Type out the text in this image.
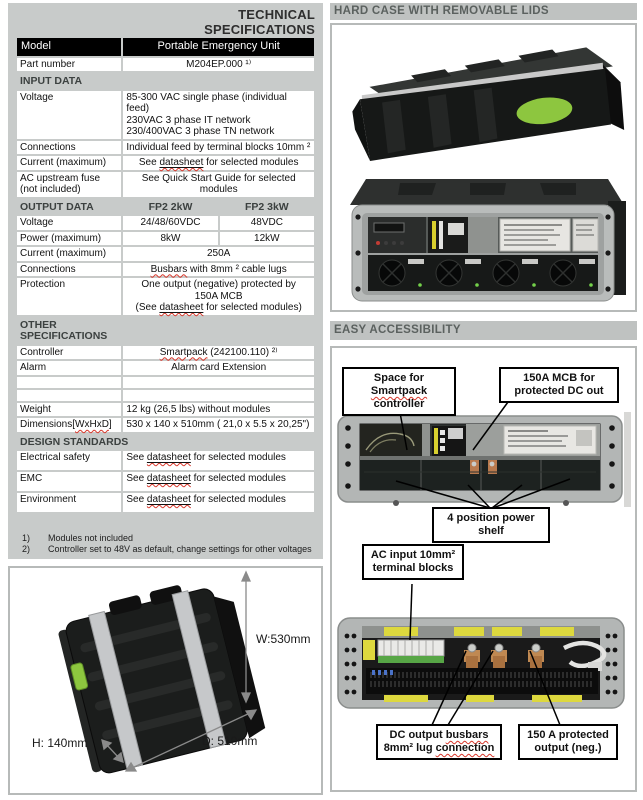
TECHNICAL
SPECIFICATIONS
Model	Portable Emergency Unit	

Part number	M204EP.000 ¹⁾	

INPUT DATA		

Voltage	85-300 VAC single phase (individual feed)
230VAC 3 phase IT network
230/400VAC 3 phase TN network	

Connections	Individual feed by terminal blocks 10mm ²	

Current (maximum)	See datasheet for selected modules	

AC upstream fuse
(not included)	See Quick Start Guide for selected
modules	

OUTPUT DATA	FP2 2kW	FP2 3kW

Voltage	24/48/60VDC	48VDC

Power (maximum)	8kW	12kW

Current (maximum)	250A	

Connections	Busbars with 8mm ² cable lugs	

Protection	One output (negative) protected by
150A MCB
(See datasheet for selected modules)	

OTHER SPECIFICATIONS		

Controller	Smartpack (242100.110) ²⁾	

Alarm	Alarm card Extension	

Weight	12 kg (26,5 lbs) without modules	

Dimensions[WxHxD]	530 x 140 x 510mm ( 21,0 x 5.5 x 20,25")	

DESIGN STANDARDS		

Electrical safety	See datasheet for selected modules	

EMC	See datasheet for selected modules	

Environment	See datasheet for selected modules	
1) Modules not included
2) Controller set to 48V as default, change settings for other voltages
W:530mm
H: 140mm	D: 510mm
HARD CASE WITH REMOVABLE LIDS
EASY ACCESSIBILITY
Space for Smartpack
controller
150A MCB for
protected DC out
4 position power shelf
AC input 10mm²
terminal blocks
DC output busbars
8mm² lug connection
150 A protected
output (neg.)
